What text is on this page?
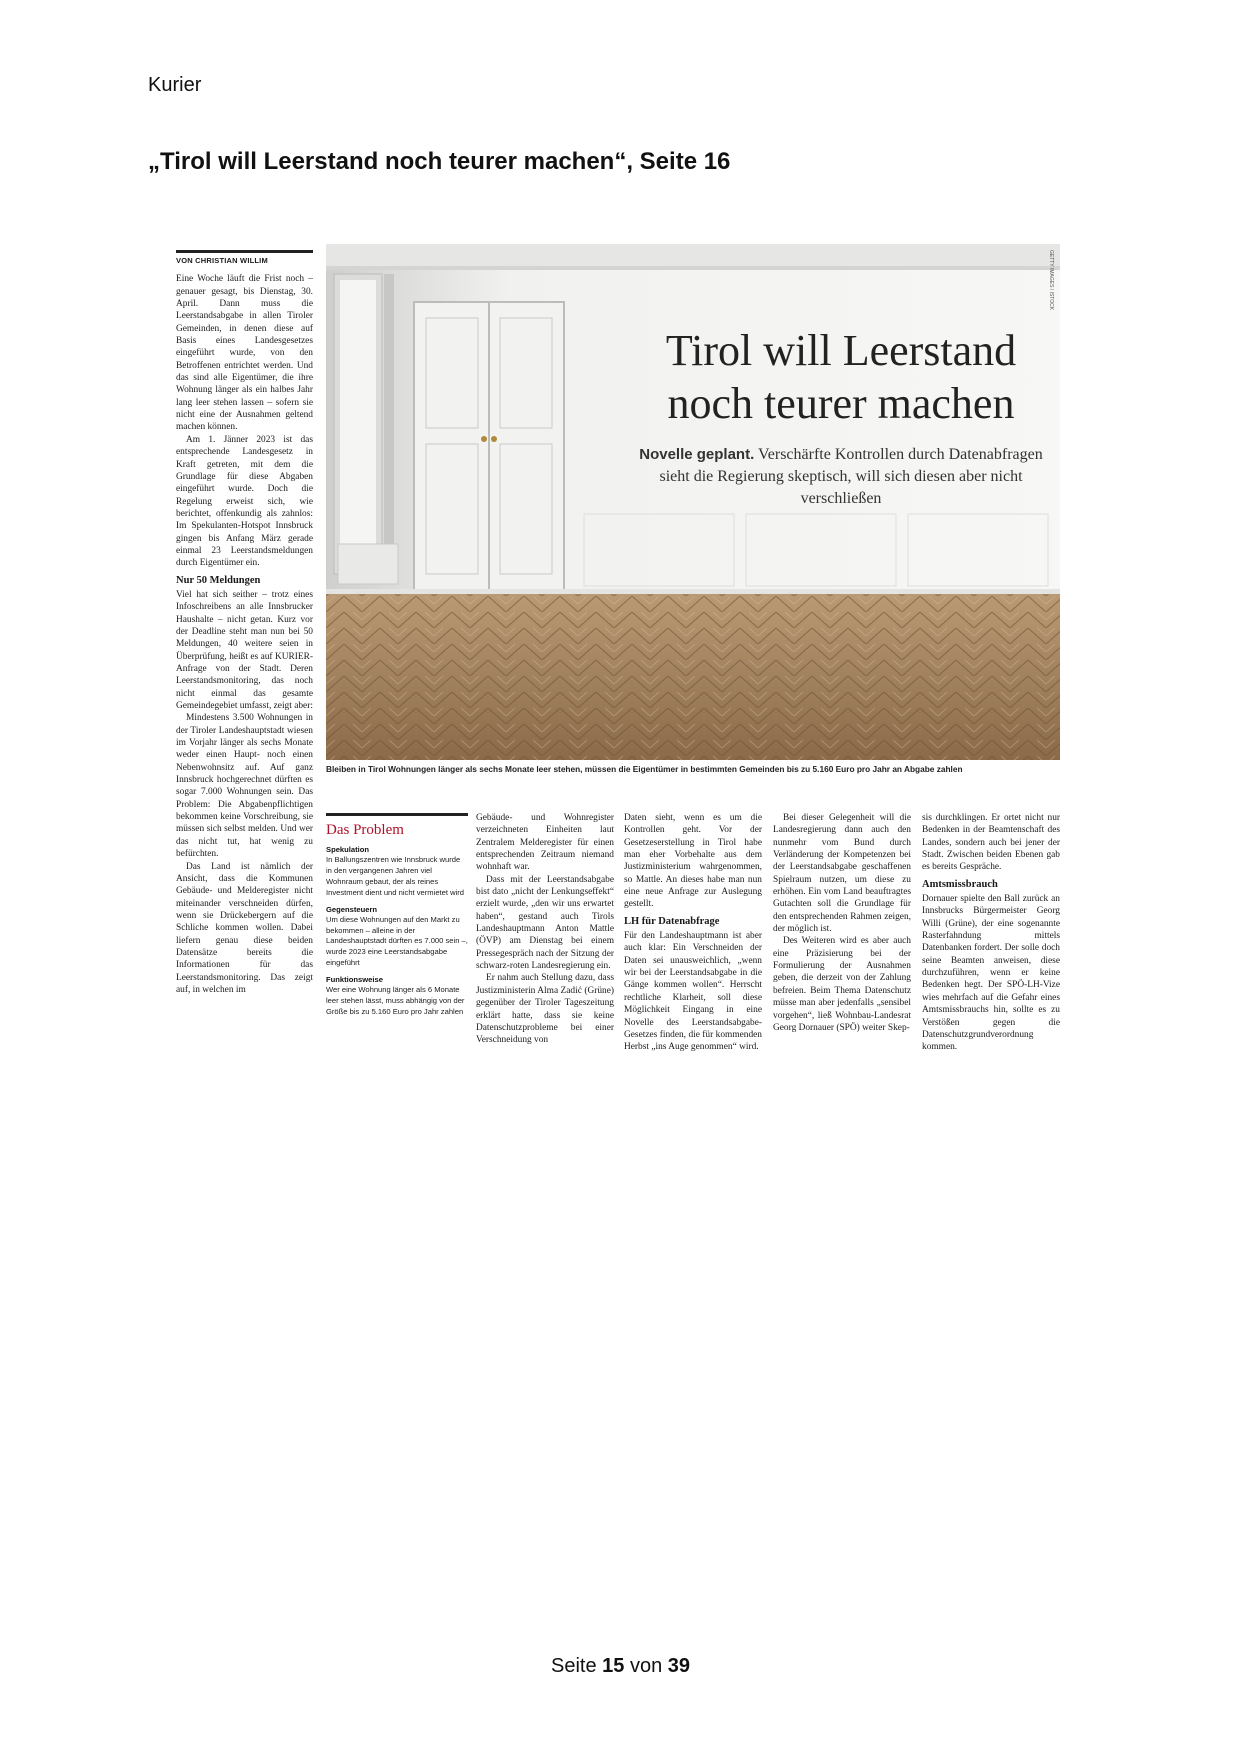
Kurier
„Tirol will Leerstand noch teurer machen“, Seite 16
VON CHRISTIAN WILLIM

Eine Woche läuft die Frist noch – genauer gesagt, bis Dienstag, 30. April. Dann muss die Leerstandsabgabe in allen Tiroler Gemeinden, in denen diese auf Basis eines Landesgesetzes eingeführt wurde, von den Betroffenen entrichtet werden. Und das sind alle Eigentümer, die ihre Wohnung länger als ein halbes Jahr lang leer stehen lassen – sofern sie nicht eine der Ausnahmen geltend machen können.

Am 1. Jänner 2023 ist das entsprechende Landesgesetz in Kraft getreten, mit dem die Grundlage für diese Abgaben eingeführt wurde. Doch die Regelung erweist sich, wie berichtet, offenkundig als zahnlos: Im Spekulanten-Hotspot Innsbruck gingen bis Anfang März gerade einmal 23 Leerstandsmeldungen durch Eigentümer ein.

Nur 50 Meldungen

Viel hat sich seither – trotz eines Infoschreibens an alle Innsbrucker Haushalte – nicht getan. Kurz vor der Deadline steht man nun bei 50 Meldungen, 40 weitere seien in Überprüfung, heißt es auf KURIER-Anfrage von der Stadt. Deren Leerstandsmonitoring, das noch nicht einmal das gesamte Gemeindegebiet umfasst, zeigt aber:

Mindestens 3.500 Wohnungen in der Tiroler Landeshauptstadt wiesen im Vorjahr länger als sechs Monate weder einen Haupt- noch einen Nebenwohnsitz auf. Auf ganz Innsbruck hochgerechnet dürften es sogar 7.000 Wohnungen sein. Das Problem: Die Abgabenpflichtigen bekommen keine Vorschreibung, sie müssen sich selbst melden. Und wer das nicht tut, hat wenig zu befürchten.

Das Land ist nämlich der Ansicht, dass die Kommunen Gebäude- und Melderegister nicht miteinander verschneiden dürfen, wenn sie Drückebergern auf die Schliche kommen wollen. Dabei liefern genau diese beiden Datensätze bereits die Informationen für das Leerstandsmonitoring. Das zeigt auf, in welchen im

GETTY IMAGES / ISTOCK
Tirol will Leerstand
noch teurer machen
Novelle geplant. Verschärfte Kontrollen durch Datenabfragen sieht die Regierung skeptisch, will sich diesen aber nicht verschließen
Bleiben in Tirol Wohnungen länger als sechs Monate leer stehen, müssen die Eigentümer in bestimmten Gemeinden bis zu 5.160 Euro pro Jahr an Abgabe zahlen
Das Problem
Spekulation

In Ballungszentren wie Innsbruck wurde in den vergangenen Jahren viel Wohnraum gebaut, der als reines Investment dient und nicht vermietet wird

Gegensteuern

Um diese Wohnungen auf den Markt zu bekommen – alleine in der Landeshauptstadt dürften es 7.000 sein –, wurde 2023 eine Leerstandsabgabe eingeführt

Funktionsweise

Wer eine Wohnung länger als 6 Monate leer stehen lässt, muss abhängig von der Größe bis zu 5.160 Euro pro Jahr zahlen

Gebäude- und Wohnregister verzeichneten Einheiten laut Zentralem Melderegister für einen entsprechenden Zeitraum niemand wohnhaft war.

Dass mit der Leerstandsabgabe bist dato „nicht der Lenkungseffekt“ erzielt wurde, „den wir uns erwartet haben“, gestand auch Tirols Landeshauptmann Anton Mattle (ÖVP) am Dienstag bei einem Pressegespräch nach der Sitzung der schwarz-roten Landesregierung ein.

Er nahm auch Stellung dazu, dass Justizministerin Alma Zadić (Grüne) gegenüber der Tiroler Tageszeitung erklärt hatte, dass sie keine Datenschutzprobleme bei einer Verschneidung von

Daten sieht, wenn es um die Kontrollen geht. Vor der Gesetzeserstellung in Tirol habe man eher Vorbehalte aus dem Justizministerium wahrgenommen, so Mattle. An dieses habe man nun eine neue Anfrage zur Auslegung gestellt.

LH für Datenabfrage

Für den Landeshauptmann ist aber auch klar: Ein Verschneiden der Daten sei unausweichlich, „wenn wir bei der Leerstandsabgabe in die Gänge kommen wollen“. Herrscht rechtliche Klarheit, soll diese Möglichkeit Eingang in eine Novelle des Leerstandsabgabe-Gesetzes finden, die für kommenden Herbst „ins Auge genommen“ wird.

Bei dieser Gelegenheit will die Landesregierung dann auch den nunmehr vom Bund durch Verländerung der Kompetenzen bei der Leerstandsabgabe geschaffenen Spielraum nutzen, um diese zu erhöhen. Ein vom Land beauftragtes Gutachten soll die Grundlage für den entsprechenden Rahmen zeigen, der möglich ist.

Des Weiteren wird es aber auch eine Präzisierung bei der Formulierung der Ausnahmen geben, die derzeit von der Zahlung befreien. Beim Thema Datenschutz müsse man aber jedenfalls „sensibel vorgehen“, ließ Wohnbau-Landesrat Georg Dornauer (SPÖ) weiter Skep-

sis durchklingen. Er ortet nicht nur Bedenken in der Beamtenschaft des Landes, sondern auch bei jener der Stadt. Zwischen beiden Ebenen gab es bereits Gespräche.

Amtsmissbrauch

Dornauer spielte den Ball zurück an Innsbrucks Bürgermeister Georg Willi (Grüne), der eine sogenannte Rasterfahndung mittels Datenbanken fordert. Der solle doch seine Beamten anweisen, diese durchzuführen, wenn er keine Bedenken hegt. Der SPÖ-LH-Vize wies mehrfach auf die Gefahr eines Amtsmissbrauchs hin, sollte es zu Verstößen gegen die Datenschutzgrundverordnung kommen.

Seite 15 von 39
